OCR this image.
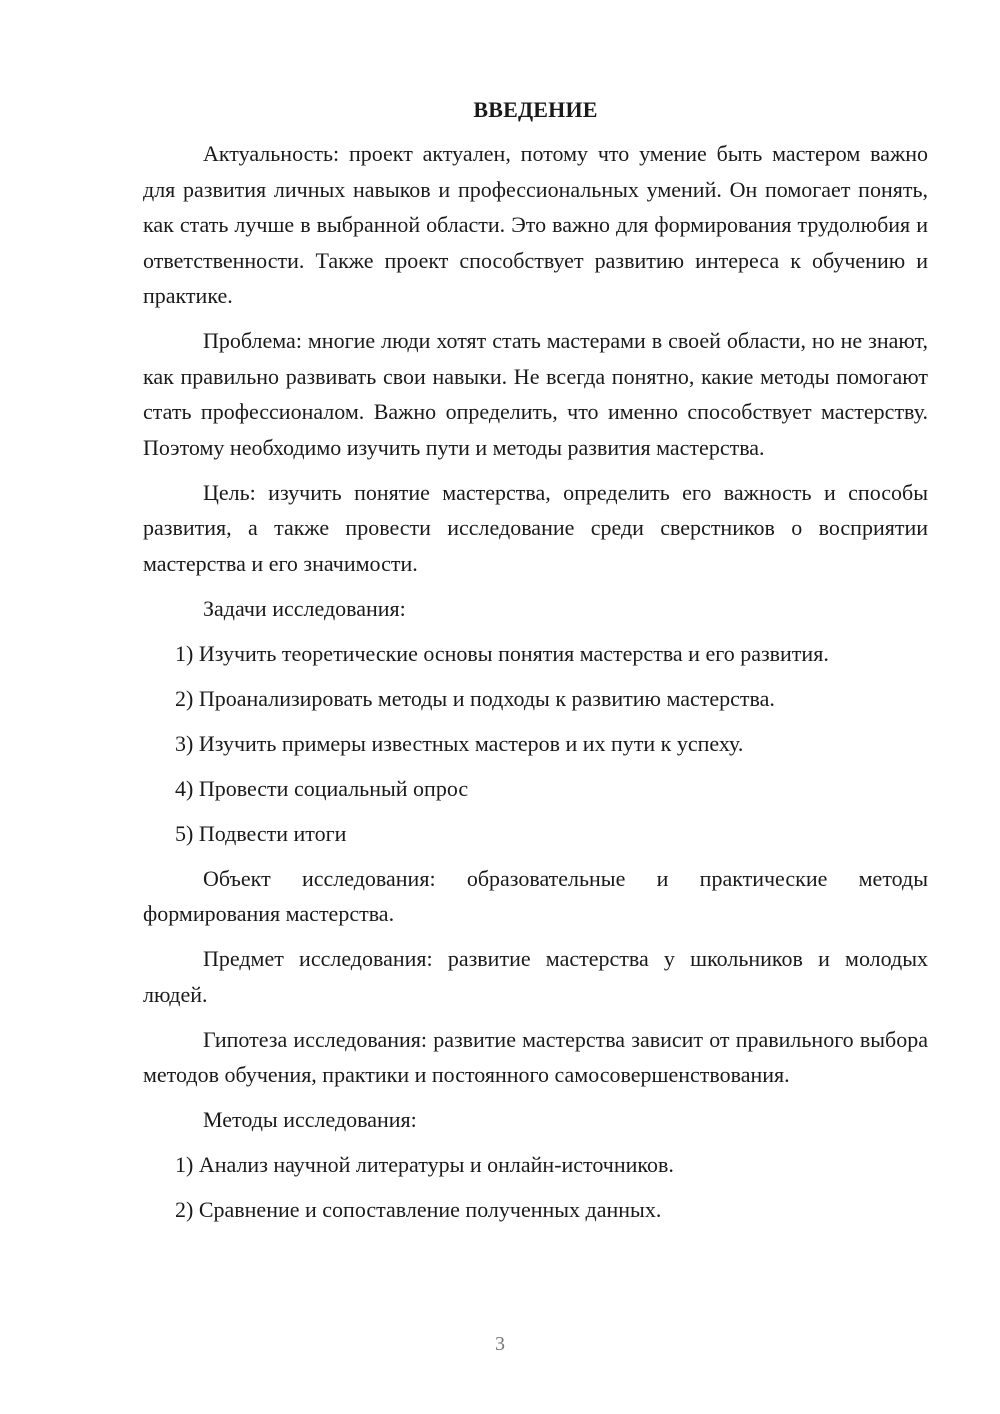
ВВЕДЕНИЕ

Актуальность: проект актуален, потому что умение быть мастером важно для развития личных навыков и профессиональных умений. Он помогает понять, как стать лучше в выбранной области. Это важно для формирования трудолюбия и ответственности. Также проект способствует развитию интереса к обучению и практике.

Проблема: многие люди хотят стать мастерами в своей области, но не знают, как правильно развивать свои навыки. Не всегда понятно, какие методы помогают стать профессионалом. Важно определить, что именно способствует мастерству. Поэтому необходимо изучить пути и методы развития мастерства.

Цель: изучить понятие мастерства, определить его важность и способы развития, а также провести исследование среди сверстников о восприятии мастерства и его значимости.

Задачи исследования:

1) Изучить теоретические основы понятия мастерства и его развития.
2) Проанализировать методы и подходы к развитию мастерства.
3) Изучить примеры известных мастеров и их пути к успеху.
4) Провести социальный опрос
5) Подвести итоги

Объект исследования: образовательные и практические методы формирования мастерства.

Предмет исследования: развитие мастерства у школьников и молодых людей.

Гипотеза исследования: развитие мастерства зависит от правильного выбора методов обучения, практики и постоянного самосовершенствования.

Методы исследования:

1) Анализ научной литературы и онлайн-источников.
2) Сравнение и сопоставление полученных данных.
3
